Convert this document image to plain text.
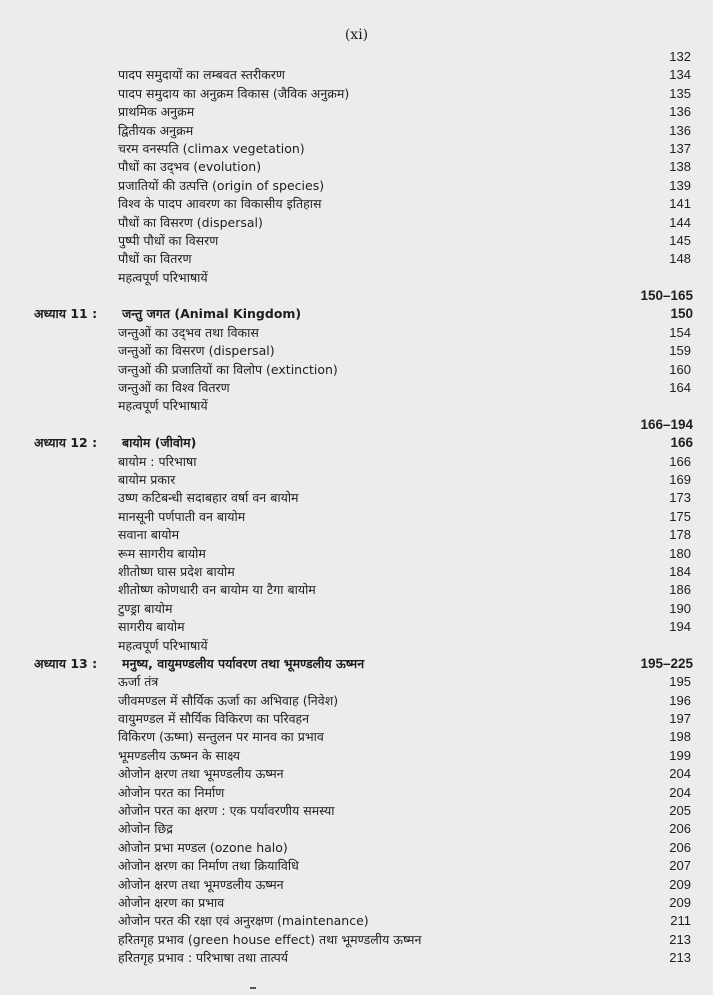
(xi)
132
पादप समुदायों का लम्बवत स्तरीकरण	134
पादप समुदाय का अनुक्रम विकास (जैविक अनुक्रम)	135
प्राथमिक अनुक्रम	136
द्वितीयक अनुक्रम	136
चरम वनस्पति (climax vegetation)	137
पौधों का उद्‌भव (evolution)	138
प्रजातियों की उत्पत्ति (origin of species)	139
विश्व के पादप आवरण का विकासीय इतिहास	141
पौधों का विसरण (dispersal)	144
पुष्पी पौधों का विसरण	145
पौधों का वितरण	148
महत्वपूर्ण परिभाषायें
150–165
अध्याय 11 : जन्तु जगत (Animal Kingdom)	150
जन्तुओं का उद्‌भव तथा विकास	154
जन्तुओं का विसरण (dispersal)	159
जन्तुओं की प्रजातियों का विलोप (extinction)	160
जन्तुओं का विश्व वितरण	164
महत्वपूर्ण परिभाषायें
166–194
अध्याय 12 : बायोम (जीवोम)	166
बायोम : परिभाषा	166
बायोम प्रकार	169
उष्ण कटिबन्धी सदाबहार वर्षा वन बायोम	173
मानसूनी पर्णपाती वन बायोम	175
सवाना बायोम	178
रूम सागरीय बायोम	180
शीतोष्ण घास प्रदेश बायोम	184
शीतोष्ण कोणधारी वन बायोम या टैगा बायोम	186
टुण्ड्रा बायोम	190
सागरीय बायोम	194
महत्वपूर्ण परिभाषायें
अध्याय 13 : मनुष्य, वायुमण्डलीय पर्यावरण तथा भूमण्डलीय ऊष्मन	195–225
ऊर्जा तंत्र	195
जीवमण्डल में सौर्यिक ऊर्जा का अभिवाह (निवेश)	196
वायुमण्डल में सौर्यिक विकिरण का परिवहन	197
विकिरण (ऊष्मा) सन्तुलन पर मानव का प्रभाव	198
भूमण्डलीय ऊष्मन के साक्ष्य	199
ओजोन क्षरण तथा भूमण्डलीय ऊष्मन	204
ओजोन परत का निर्माण	204
ओजोन परत का क्षरण : एक पर्यावरणीय समस्या	205
ओजोन छिद्र	206
ओजोन प्रभा मण्डल (ozone halo)	206
ओजोन क्षरण का निर्माण तथा क्रियाविधि	207
ओजोन क्षरण तथा भूमण्डलीय ऊष्मन	209
ओजोन क्षरण का प्रभाव	209
ओजोन परत की रक्षा एवं अनुरक्षण (maintenance)	211
हरितगृह प्रभाव (green house effect) तथा भूमण्डलीय ऊष्मन	213
हरितगृह प्रभाव : परिभाषा तथा तात्पर्य	213
